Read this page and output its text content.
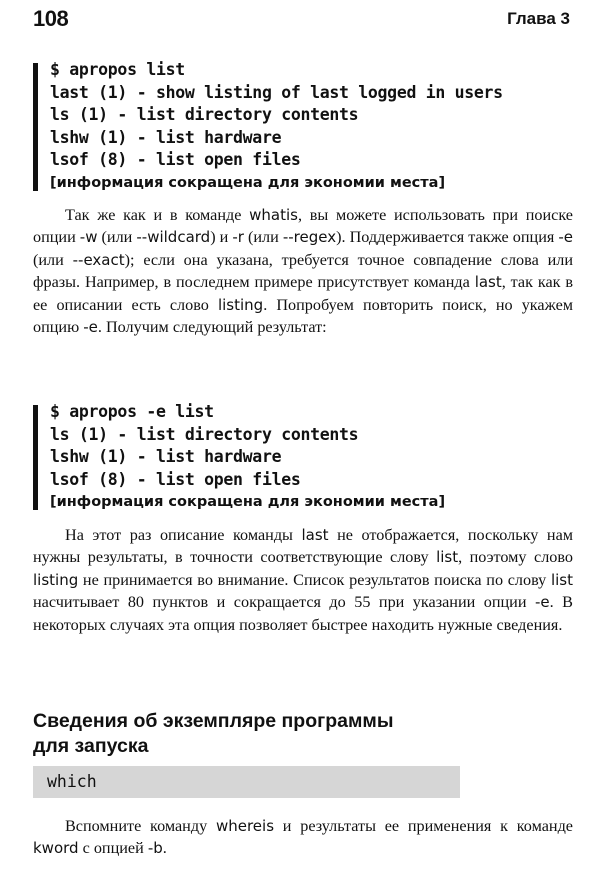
108	Глава 3
$ apropos list
last (1) - show listing of last logged in users
ls (1) - list directory contents
lshw (1) - list hardware
lsof (8) - list open files
[информация сокращена для экономии места]
Так же как и в команде whatis, вы можете использовать при поиске опции -w (или --wildcard) и -r (или --regex). Поддерживается также опция -e (или --exact); если она указана, требуется точное совпадение слова или фразы. Например, в последнем примере присутствует команда last, так как в ее описании есть слово listing. Попробуем повторить поиск, но укажем опцию -e. Получим следующий результат:
$ apropos -e list
ls (1) - list directory contents
lshw (1) - list hardware
lsof (8) - list open files
[информация сокращена для экономии места]
На этот раз описание команды last не отображается, поскольку нам нужны результаты, в точности соответствующие слову list, поэтому слово listing не принимается во внимание. Список результатов поиска по слову list насчитывает 80 пунктов и сокращается до 55 при указании опции -e. В некоторых случаях эта опция позволяет быстрее находить нужные сведения.
Сведения об экземпляре программы
для запуска
which
Вспомните команду whereis и результаты ее применения к команде kword с опцией -b.
